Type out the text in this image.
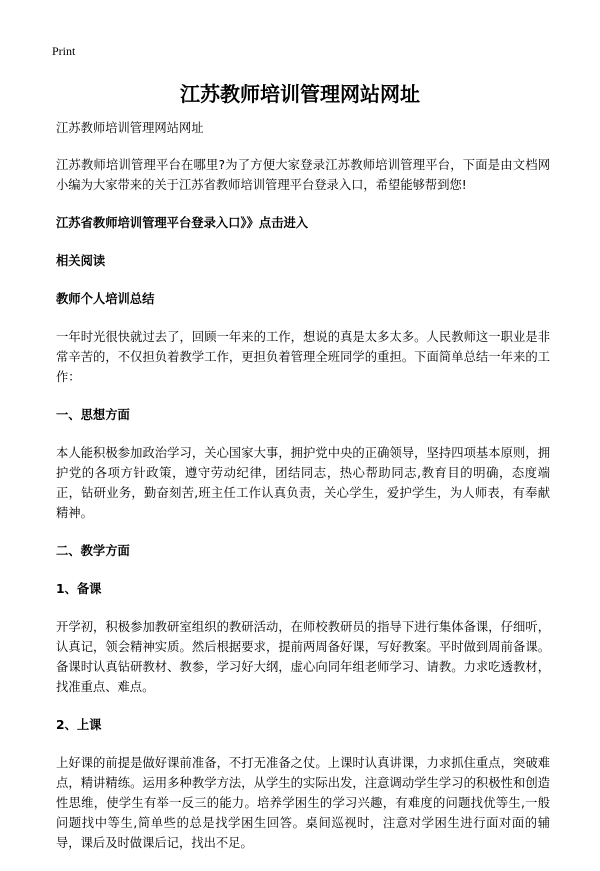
Print
江苏教师培训管理网站网址

江苏教师培训管理网站网址

江苏教师培训管理平台在哪里?为了方便大家登录江苏教师培训管理平台，下面是由文档网小编为大家带来的关于江苏省教师培训管理平台登录入口，希望能够帮到您!

江苏省教师培训管理平台登录入口》》点击进入

相关阅读

教师个人培训总结

一年时光很快就过去了，回顾一年来的工作，想说的真是太多太多。人民教师这一职业是非常辛苦的，不仅担负着教学工作，更担负着管理全班同学的重担。下面简单总结一年来的工作：

一、思想方面

本人能积极参加政治学习，关心国家大事，拥护党中央的正确领导，坚持四项基本原则，拥护党的各项方针政策，遵守劳动纪律，团结同志，热心帮助同志,教育目的明确，态度端正，钻研业务，勤奋刻苦,班主任工作认真负责，关心学生，爱护学生，为人师表，有奉献精神。

二、教学方面

1、备课

开学初，积极参加教研室组织的教研活动，在师校教研员的指导下进行集体备课，仔细听，认真记，领会精神实质。然后根据要求，提前两周备好课，写好教案。平时做到周前备课。备课时认真钻研教材、教参，学习好大纲，虚心向同年组老师学习、请教。力求吃透教材，找准重点、难点。

2、上课

上好课的前提是做好课前准备，不打无准备之仗。上课时认真讲课，力求抓住重点，突破难点，精讲精练。运用多种教学方法，从学生的实际出发，注意调动学生学习的积极性和创造性思维，使学生有举一反三的能力。培养学困生的学习兴趣，有难度的问题找优等生,一般问题找中等生,简单些的总是找学困生回答。桌间巡视时，注意对学困生进行面对面的辅导，课后及时做课后记，找出不足。
